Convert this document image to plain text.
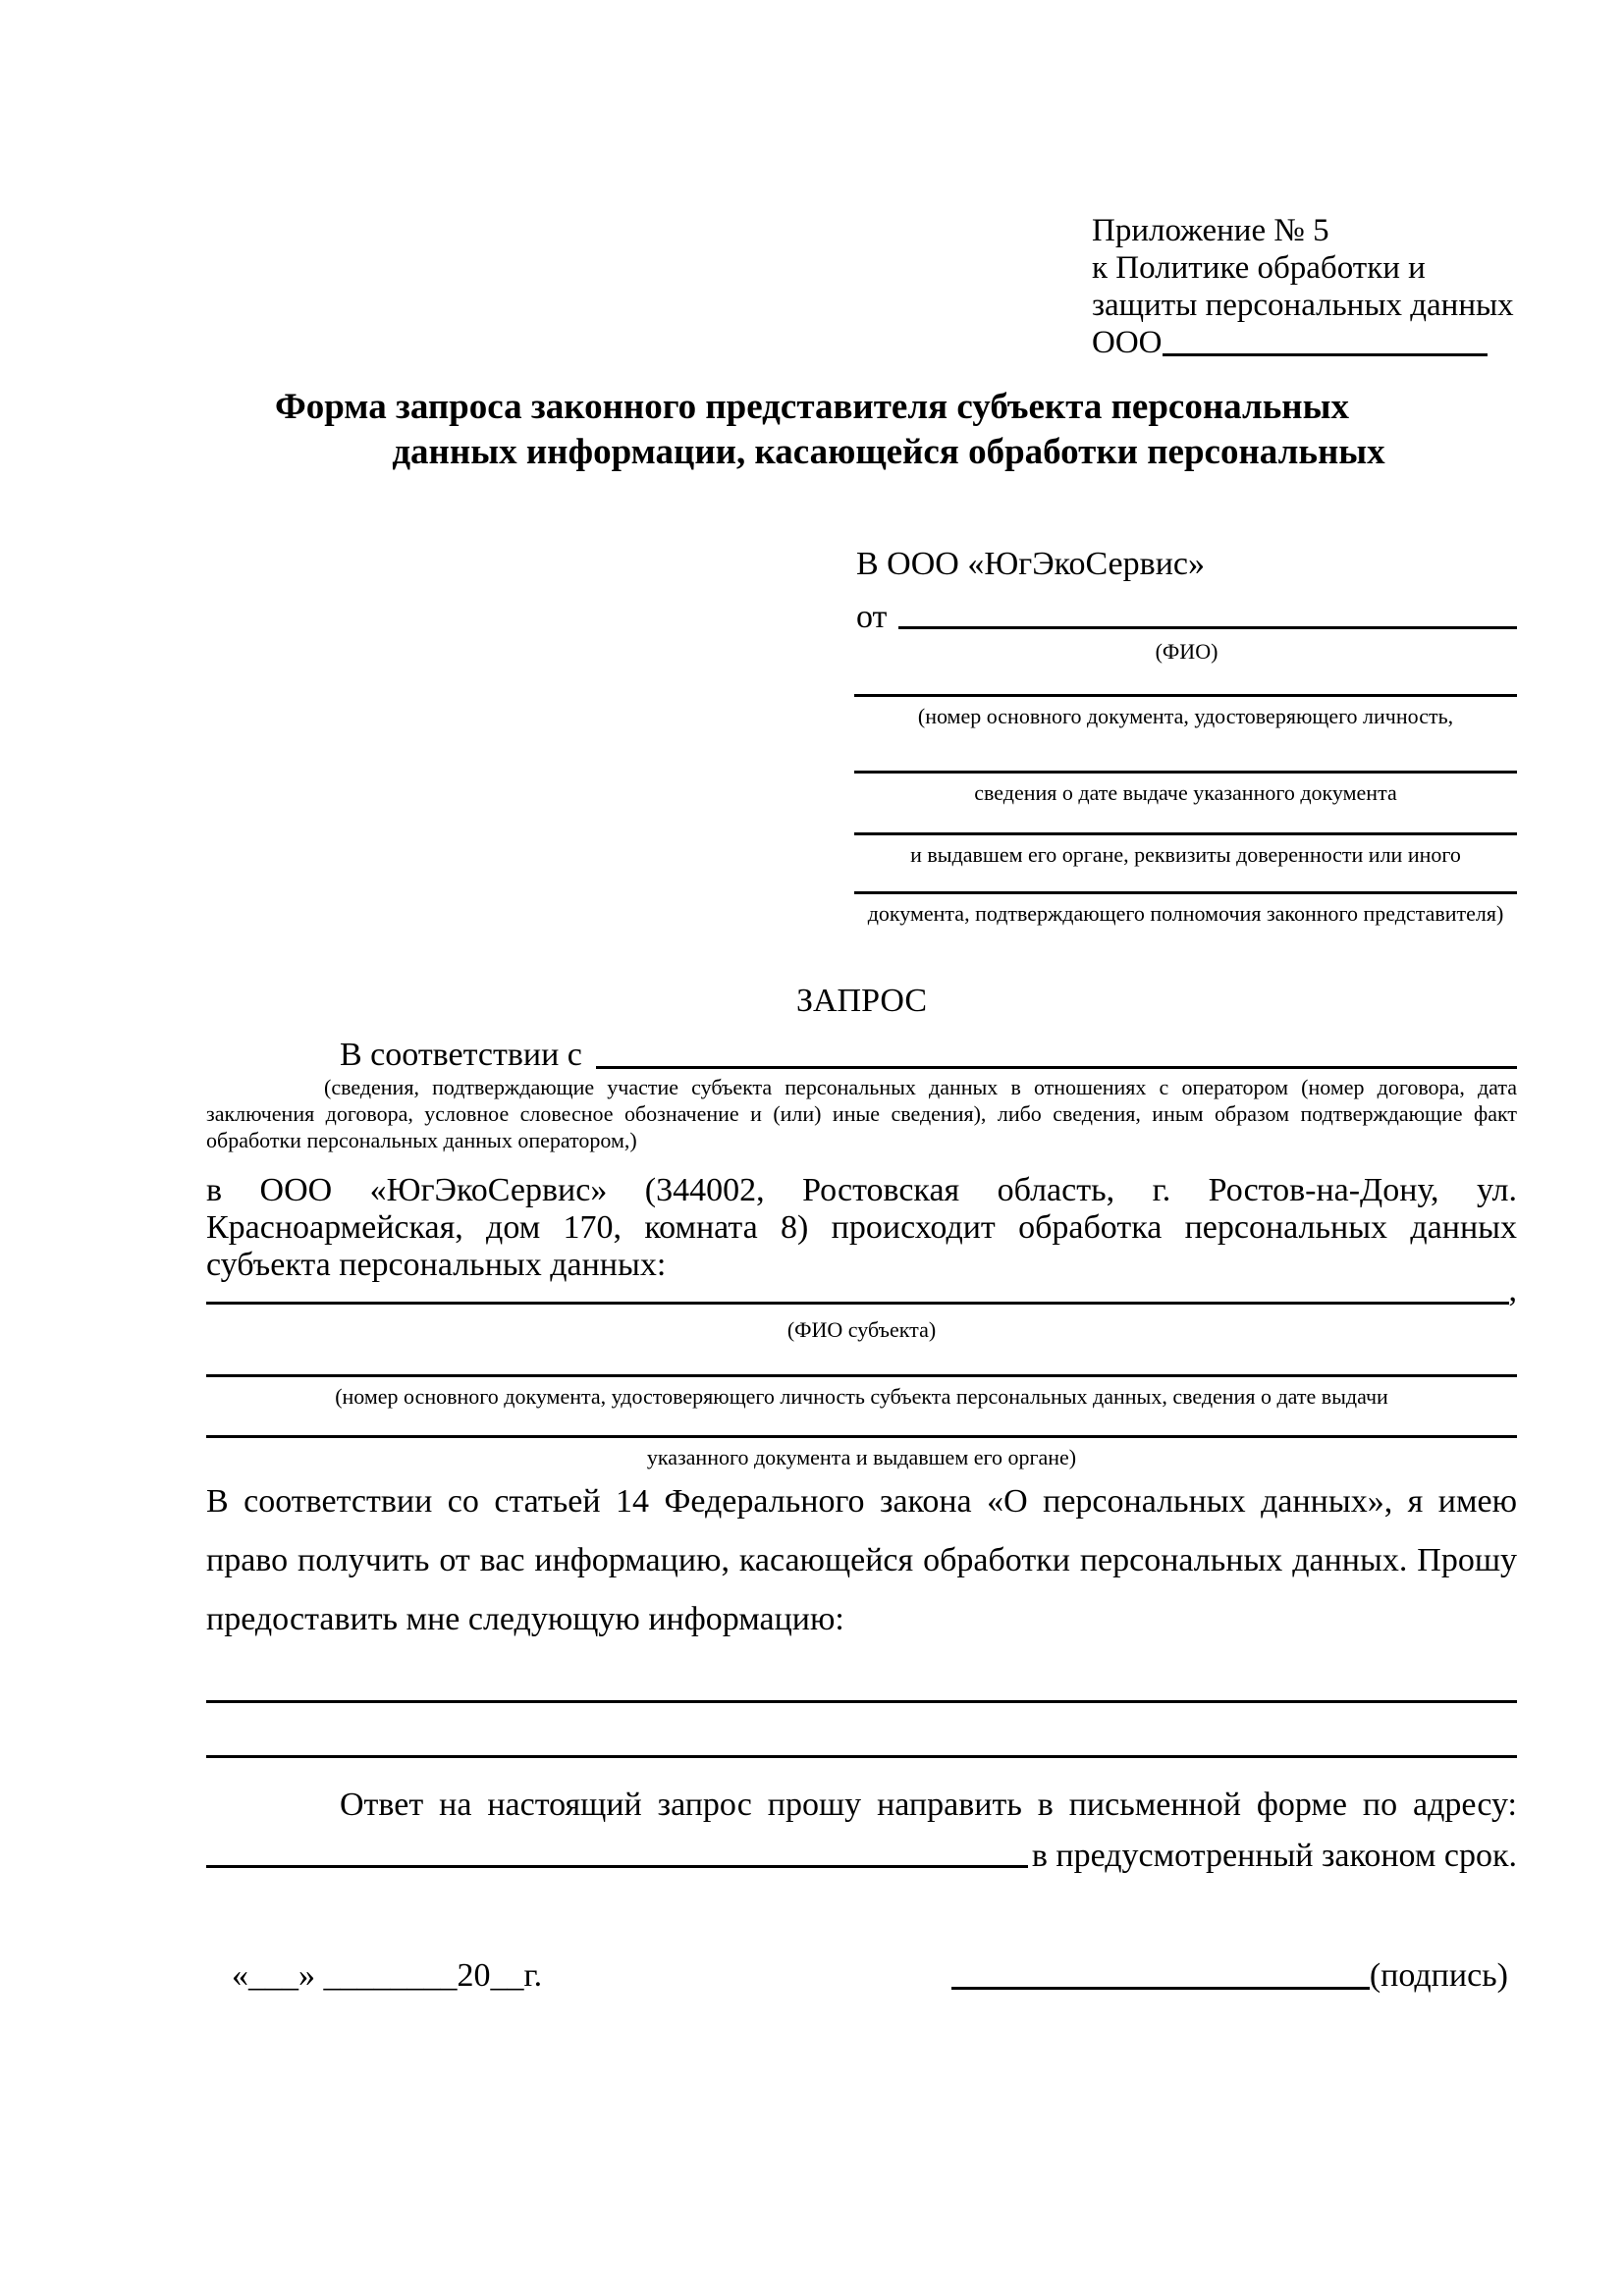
Приложение № 5
к Политике обработки и
защиты персональных данных
ООО
Форма запроса законного представителя субъекта персональных
данных информации, касающейся обработки персональных
В ООО «ЮгЭкоСервис»
от
(ФИО)
(номер основного документа, удостоверяющего личность,
сведения о дате выдаче указанного документа
и выдавшем его органе, реквизиты доверенности или иного
документа, подтверждающего полномочия законного представителя)
ЗАПРОС
В соответствии с
(сведения, подтверждающие участие субъекта персональных данных в отношениях с оператором (номер договора, дата заключения договора, условное словесное обозначение и (или) иные сведения), либо сведения, иным образом подтверждающие факт обработки персональных данных оператором,)
в ООО «ЮгЭкоСервис» (344002, Ростовская область, г. Ростов-на-Дону, ул. Красноармейская, дом 170, комната 8) происходит обработка персональных данных субъекта персональных данных:
,
(ФИО субъекта)
(номер основного документа, удостоверяющего личность субъекта персональных данных, сведения о дате выдачи
указанного документа и выдавшем его органе)
В соответствии со статьей 14 Федерального закона «О персональных данных», я имею право получить от вас информацию, касающейся обработки персональных данных. Прошу предоставить мне следующую информацию:
Ответ на настоящий запрос прошу направить в письменной форме по адресу:
в предусмотренный законом срок.
«___» ________20__г.	(подпись)
